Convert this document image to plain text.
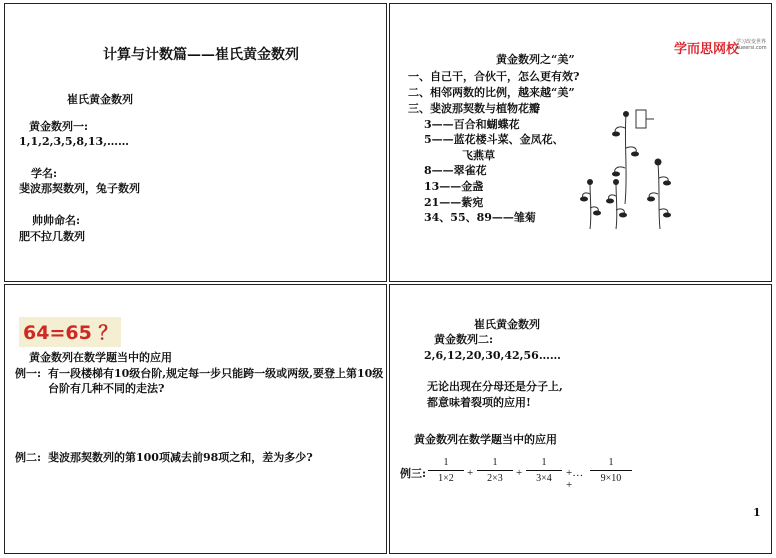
计算与计数篇——崔氏黄金数列
崔氏黄金数列
黄金数列一:
1,1,2,3,5,8,13,……
学名:
斐波那契数列，兔子数列
帅帅命名:
肥不拉几数列
学而思网校
学习改变世界
xueersi.com
黄金数列之“美”
一、自己干，合伙干，怎么更有效?
二、相邻两数的比例，越来越“美”
三、斐波那契数与植物花瓣
3——百合和蝴蝶花
5——蓝花楼斗菜、金凤花、
飞燕草
8——翠雀花
13——金盏
21——紫宛
34、55、89——雏菊
64=65 ？
黄金数列在数学题当中的应用
例一: 有一段楼梯有10级台阶,规定每一步只能跨一级或两级,要登上第10级
台阶有几种不同的走法?
例二: 斐波那契数列的第100项减去前98项之和，差为多少?
崔氏黄金数列
黄金数列二:
2,6,12,20,30,42,56……
无论出现在分母还是分子上,
都意味着裂项的应用!
黄金数列在数学题当中的应用
例三: $\frac{1}{1\times 2} + \frac{1}{2\times 3} + \frac{1}{3\times 4}$ +…+
$\frac{1}{9\times 10}$
1
